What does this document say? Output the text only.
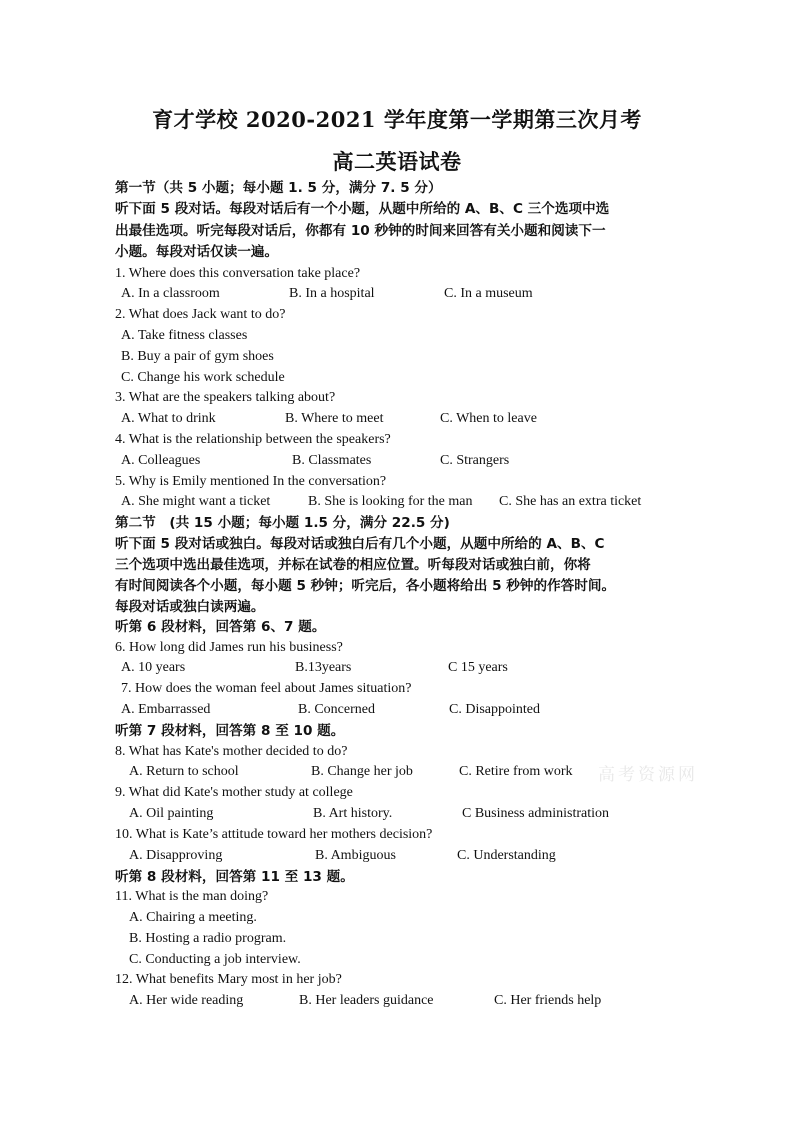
育才学校 2020-2021 学年度第一学期第三次月考
高二英语试卷
第一节（共 5 小题；每小题 1. 5 分，满分 7. 5 分）
听下面 5 段对话。每段对话后有一个小题，从题中所给的 A、B、C 三个选项中选
出最佳选项。听完每段对话后，你都有 10 秒钟的时间来回答有关小题和阅读下一
小题。每段对话仅读一遍。
1. Where does this conversation take place?
A. In a classroom	B. In a hospital	C. In a museum
2. What does Jack want to do?
A. Take fitness classes
B. Buy a pair of gym shoes
C. Change his work schedule
3. What are the speakers talking about?
A. What to drink	B. Where to meet	C. When to leave
4. What is the relationship between the speakers?
A. Colleagues	B. Classmates	C. Strangers
5. Why is Emily mentioned In the conversation?
A. She might want a ticket	B. She is looking for the man C. She has an extra ticket
第二节　(共 15 小题；每小题 1.5 分，满分 22.5 分)
听下面 5 段对话或独白。每段对话或独白后有几个小题，从题中所给的 A、B、C
三个选项中选出最佳选项，并标在试卷的相应位置。听每段对话或独白前，你将
有时间阅读各个小题，每小题 5 秒钟；听完后，各小题将给出 5 秒钟的作答时间。
每段对话或独白读两遍。
听第 6 段材料，回答第 6、7 题。
6. How long did James run his business?
A. 10 years	B.13years	C 15 years
7. How does the woman feel about James situation?
A. Embarrassed	B. Concerned	C. Disappointed
听第 7 段材料，回答第 8 至 10 题。
8. What has Kate's mother decided to do?
A. Return to school	B. Change her job	C. Retire from work 高考资源网
9. What did Kate's mother study at college
A. Oil painting	B. Art history.	C Business administration
10. What is Kate’s attitude toward her mothers decision?
A. Disapproving	B. Ambiguous	C. Understanding
听第 8 段材料，回答第 11 至 13 题。
11. What is the man doing?
A. Chairing a meeting.
B. Hosting a radio program.
C. Conducting a job interview.
12. What benefits Mary most in her job?
A. Her wide reading	B. Her leaders guidance	C. Her friends help
